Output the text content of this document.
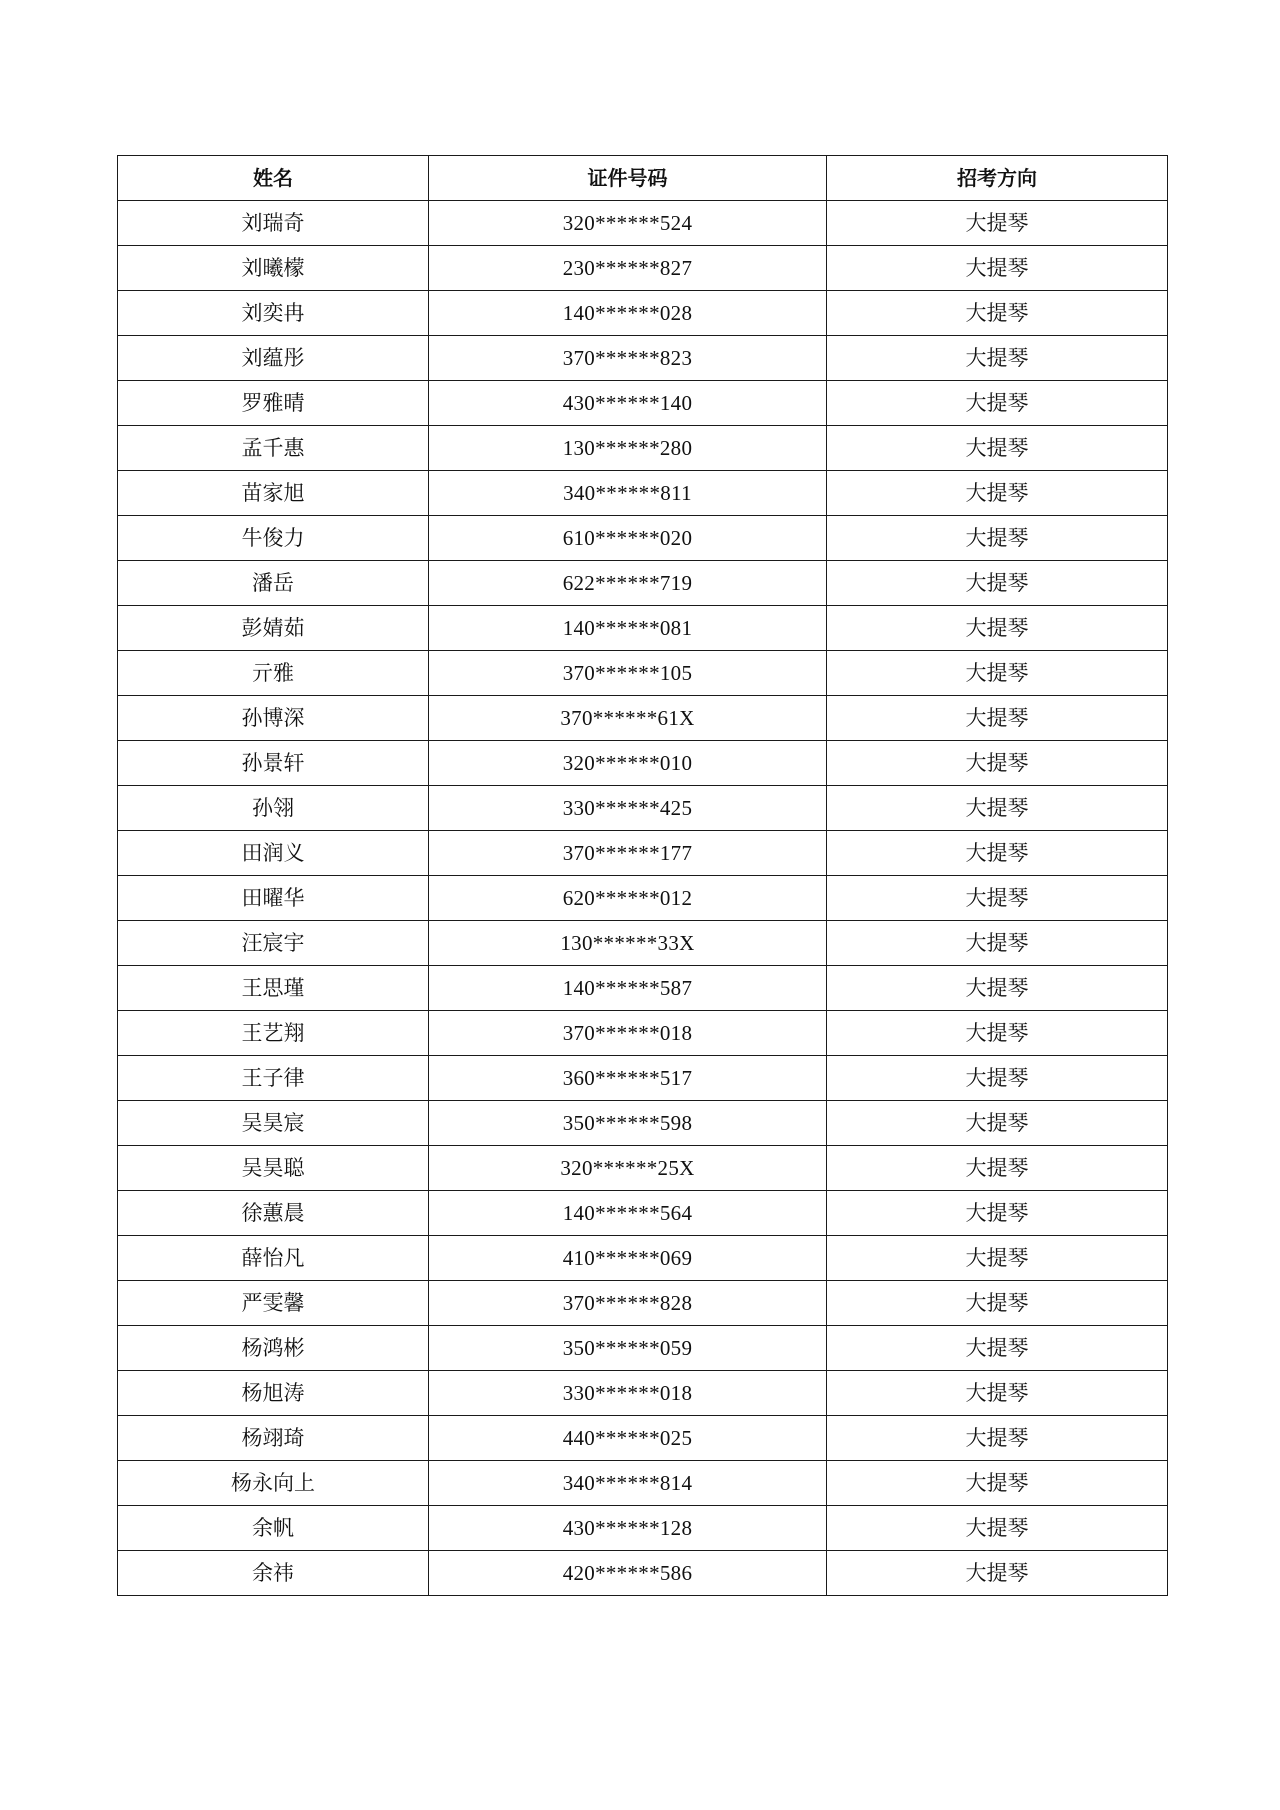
姓名	证件号码	招考方向
刘瑞奇	320******524	大提琴
刘曦檬	230******827	大提琴
刘奕冉	140******028	大提琴
刘蕴彤	370******823	大提琴
罗雅晴	430******140	大提琴
孟千惠	130******280	大提琴
苗家旭	340******811	大提琴
牛俊力	610******020	大提琴
潘岳	622******719	大提琴
彭婧茹	140******081	大提琴
亓雅	370******105	大提琴
孙博深	370******61X	大提琴
孙景轩	320******010	大提琴
孙翎	330******425	大提琴
田润义	370******177	大提琴
田曜华	620******012	大提琴
汪宸宇	130******33X	大提琴
王思瑾	140******587	大提琴
王艺翔	370******018	大提琴
王子律	360******517	大提琴
吴昊宸	350******598	大提琴
吴昊聪	320******25X	大提琴
徐蕙晨	140******564	大提琴
薛怡凡	410******069	大提琴
严雯馨	370******828	大提琴
杨鸿彬	350******059	大提琴
杨旭涛	330******018	大提琴
杨翊琦	440******025	大提琴
杨永向上	340******814	大提琴
余帆	430******128	大提琴
余祎	420******586	大提琴
